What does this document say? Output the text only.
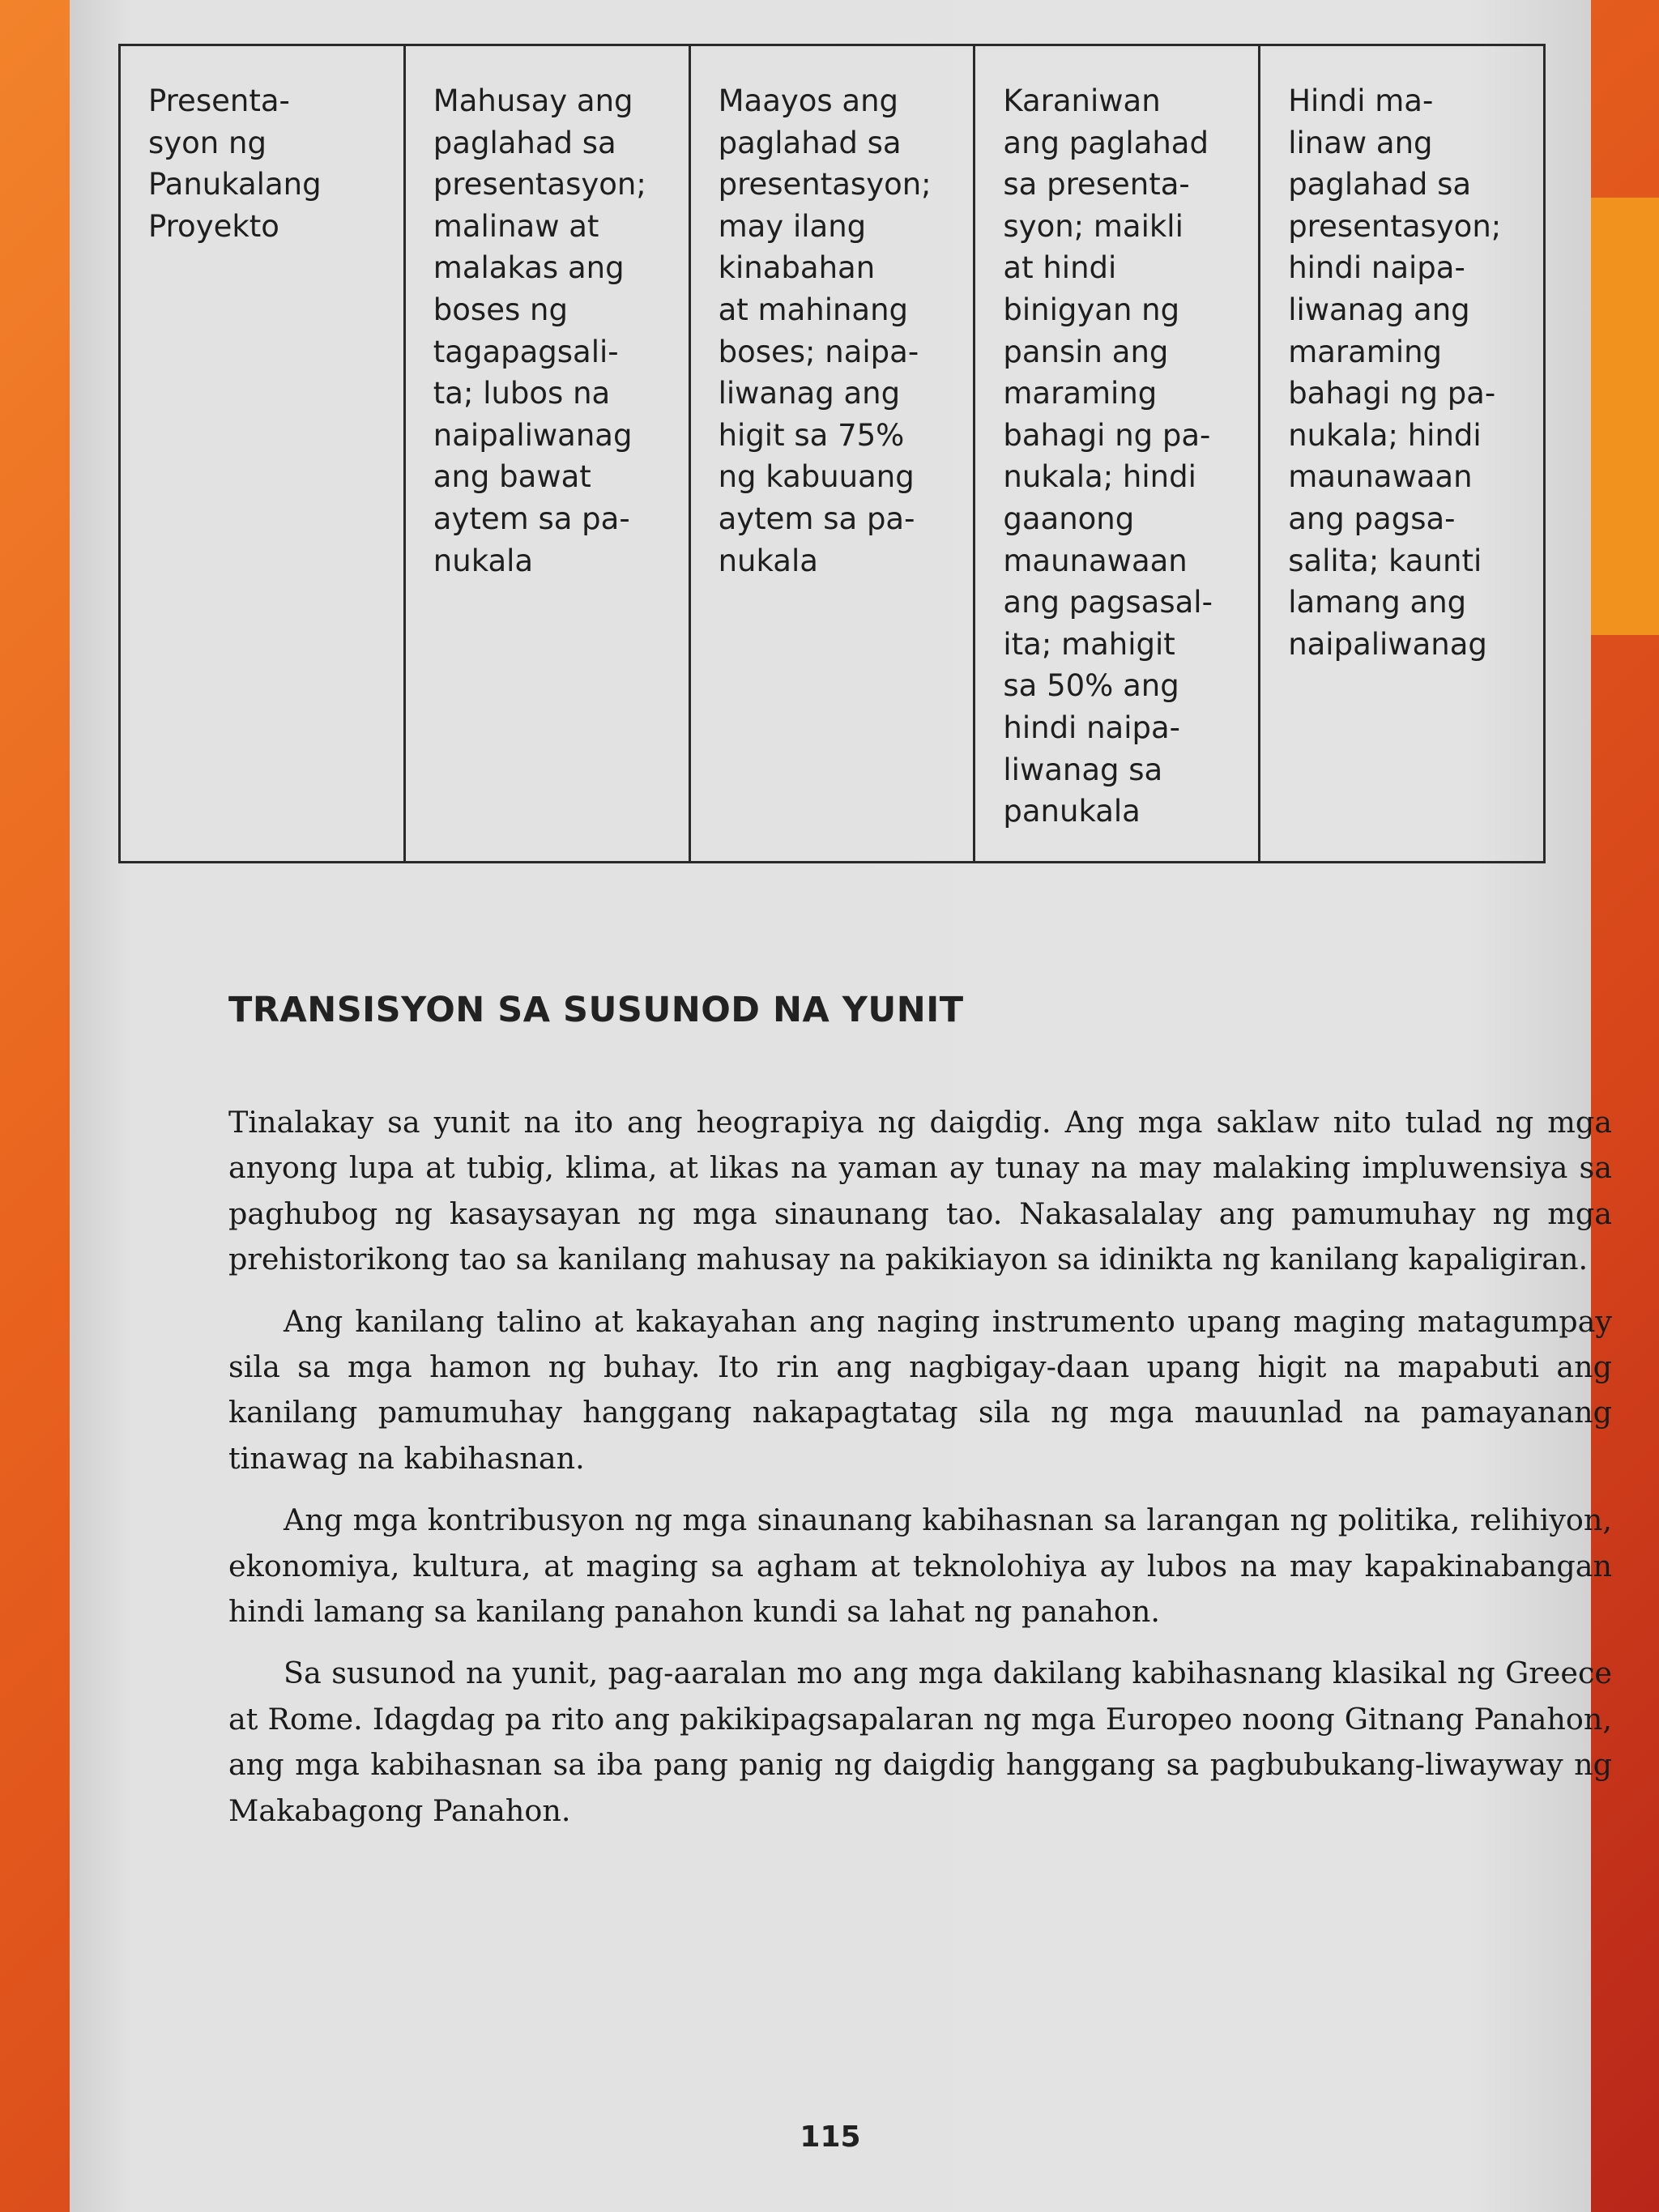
Presenta-
syon ng
Panukalang
Proyekto	Mahusay ang
paglahad sa
presentasyon;
malinaw at
malakas ang
boses ng
tagapagsali-
ta; lubos na
naipaliwanag
ang bawat
aytem sa pa-
nukala	Maayos ang
paglahad sa
presentasyon;
may ilang
kinabahan
at mahinang
boses; naipa-
liwanag ang
higit sa 75%
ng kabuuang
aytem sa pa-
nukala	Karaniwan
ang paglahad
sa presenta-
syon; maikli
at hindi
binigyan ng
pansin ang
maraming
bahagi ng pa-
nukala; hindi
gaanong
maunawaan
ang pagsasal-
ita; mahigit
sa 50% ang
hindi naipa-
liwanag sa
panukala	Hindi ma-
linaw ang
paglahad sa
presentasyon;
hindi naipa-
liwanag ang
maraming
bahagi ng pa-
nukala; hindi
maunawaan
ang pagsa-
salita; kaunti
lamang ang
naipaliwanag
TRANSISYON SA SUSUNOD NA YUNIT

Tinalakay sa yunit na ito ang heograpiya ng daigdig. Ang mga saklaw nito tulad ng mga anyong lupa at tubig, klima, at likas na yaman ay tunay na may malaking impluwensiya sa paghubog ng kasaysayan ng mga sinaunang tao. Nakasalalay ang pamumuhay ng mga prehistorikong tao sa kanilang mahusay na pakikiayon sa idinikta ng kanilang kapaligiran.

Ang kanilang talino at kakayahan ang naging instrumento upang maging matagumpay sila sa mga hamon ng buhay. Ito rin ang nagbigay-daan upang higit na mapabuti ang kanilang pamumuhay hanggang nakapagtatag sila ng mga mauunlad na pamayanang tinawag na kabihasnan.

Ang mga kontribusyon ng mga sinaunang kabihasnan sa larangan ng politika, relihiyon, ekonomiya, kultura, at maging sa agham at teknolohiya ay lubos na may kapakinabangan hindi lamang sa kanilang panahon kundi sa lahat ng panahon.

Sa susunod na yunit, pag-aaralan mo ang mga dakilang kabihasnang klasikal ng Greece at Rome. Idagdag pa rito ang pakikipagsapalaran ng mga Europeo noong Gitnang Panahon, ang mga kabihasnan sa iba pang panig ng daigdig hanggang sa pagbubukang-liwayway ng Makabagong Panahon.

115
